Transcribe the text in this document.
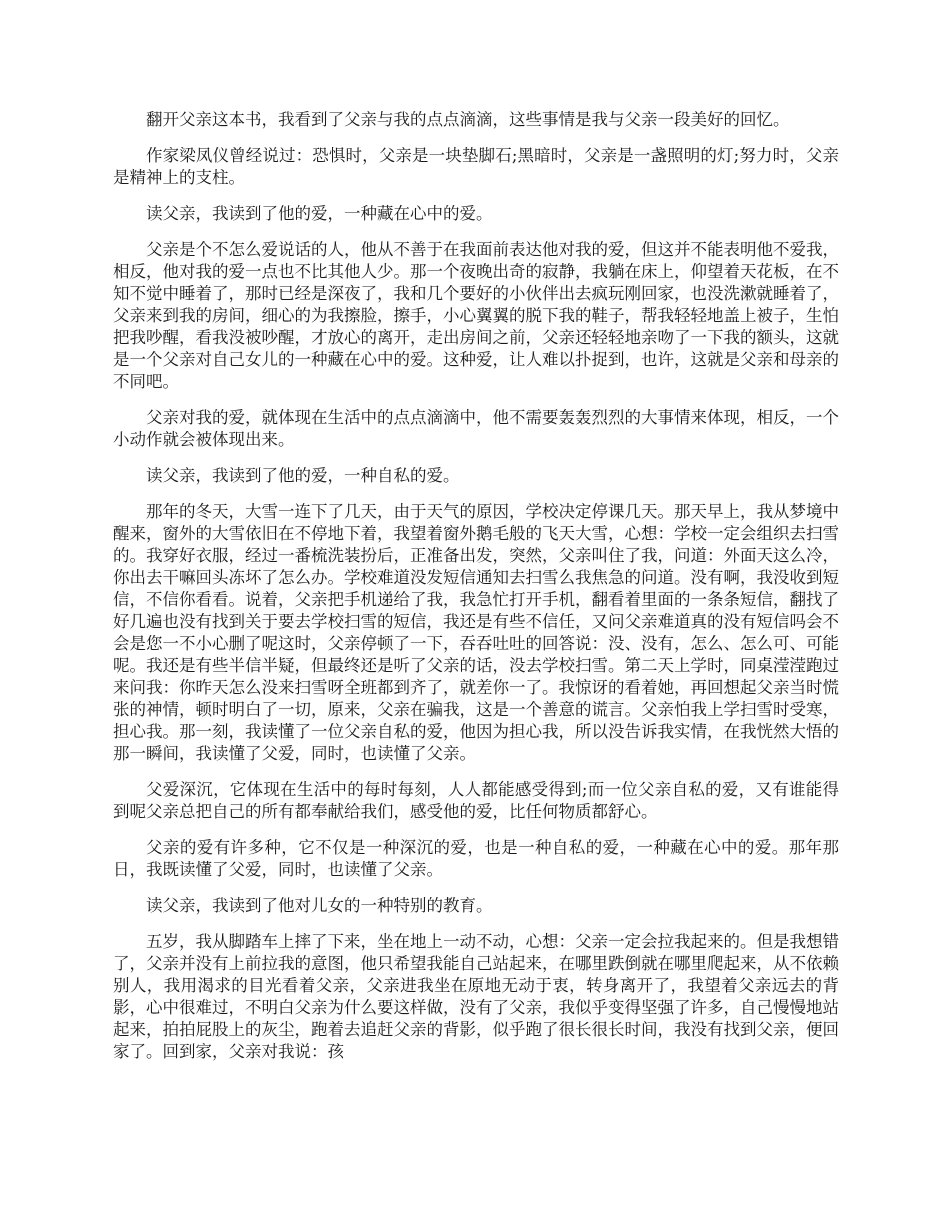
翻开父亲这本书，我看到了父亲与我的点点滴滴，这些事情是我与父亲一段美好的回忆。

作家梁凤仪曾经说过：恐惧时，父亲是一块垫脚石;黑暗时，父亲是一盏照明的灯;努力时，父亲是精神上的支柱。

读父亲，我读到了他的爱，一种藏在心中的爱。

父亲是个不怎么爱说话的人，他从不善于在我面前表达他对我的爱，但这并不能表明他不爱我，相反，他对我的爱一点也不比其他人少。那一个夜晚出奇的寂静，我躺在床上，仰望着天花板，在不知不觉中睡着了，那时已经是深夜了，我和几个要好的小伙伴出去疯玩刚回家，也没洗漱就睡着了，父亲来到我的房间，细心的为我擦脸，擦手，小心翼翼的脱下我的鞋子，帮我轻轻地盖上被子，生怕把我吵醒，看我没被吵醒，才放心的离开，走出房间之前，父亲还轻轻地亲吻了一下我的额头，这就是一个父亲对自己女儿的一种藏在心中的爱。这种爱，让人难以扑捉到，也许，这就是父亲和母亲的不同吧。

父亲对我的爱，就体现在生活中的点点滴滴中，他不需要轰轰烈烈的大事情来体现，相反，一个小动作就会被体现出来。

读父亲，我读到了他的爱，一种自私的爱。

那年的冬天，大雪一连下了几天，由于天气的原因，学校决定停课几天。那天早上，我从梦境中醒来，窗外的大雪依旧在不停地下着，我望着窗外鹅毛般的飞天大雪，心想：学校一定会组织去扫雪的。我穿好衣服，经过一番梳洗装扮后，正准备出发，突然，父亲叫住了我，问道：外面天这么冷，你出去干嘛回头冻坏了怎么办。学校难道没发短信通知去扫雪么我焦急的问道。没有啊，我没收到短信，不信你看看。说着，父亲把手机递给了我，我急忙打开手机，翻看着里面的一条条短信，翻找了好几遍也没有找到关于要去学校扫雪的短信，我还是有些不信任，又问父亲难道真的没有短信吗会不会是您一不小心删了呢这时，父亲停顿了一下，吞吞吐吐的回答说：没、没有，怎么、怎么可、可能呢。我还是有些半信半疑，但最终还是听了父亲的话，没去学校扫雪。第二天上学时，同桌滢滢跑过来问我：你昨天怎么没来扫雪呀全班都到齐了，就差你一了。我惊讶的看着她，再回想起父亲当时慌张的神情，顿时明白了一切，原来，父亲在骗我，这是一个善意的谎言。父亲怕我上学扫雪时受寒，担心我。那一刻，我读懂了一位父亲自私的爱，他因为担心我，所以没告诉我实情，在我恍然大悟的那一瞬间，我读懂了父爱，同时，也读懂了父亲。

父爱深沉，它体现在生活中的每时每刻，人人都能感受得到;而一位父亲自私的爱，又有谁能得到呢父亲总把自己的所有都奉献给我们，感受他的爱，比任何物质都舒心。

父亲的爱有许多种，它不仅是一种深沉的爱，也是一种自私的爱，一种藏在心中的爱。那年那日，我既读懂了父爱，同时，也读懂了父亲。

读父亲，我读到了他对儿女的一种特别的教育。

五岁，我从脚踏车上摔了下来，坐在地上一动不动，心想：父亲一定会拉我起来的。但是我想错了，父亲并没有上前拉我的意图，他只希望我能自己站起来，在哪里跌倒就在哪里爬起来，从不依赖别人，我用渴求的目光看着父亲，父亲进我坐在原地无动于衷，转身离开了，我望着父亲远去的背影，心中很难过，不明白父亲为什么要这样做，没有了父亲，我似乎变得坚强了许多，自己慢慢地站起来，拍拍屁股上的灰尘，跑着去追赶父亲的背影，似乎跑了很长很长时间，我没有找到父亲，便回家了。回到家，父亲对我说：孩
